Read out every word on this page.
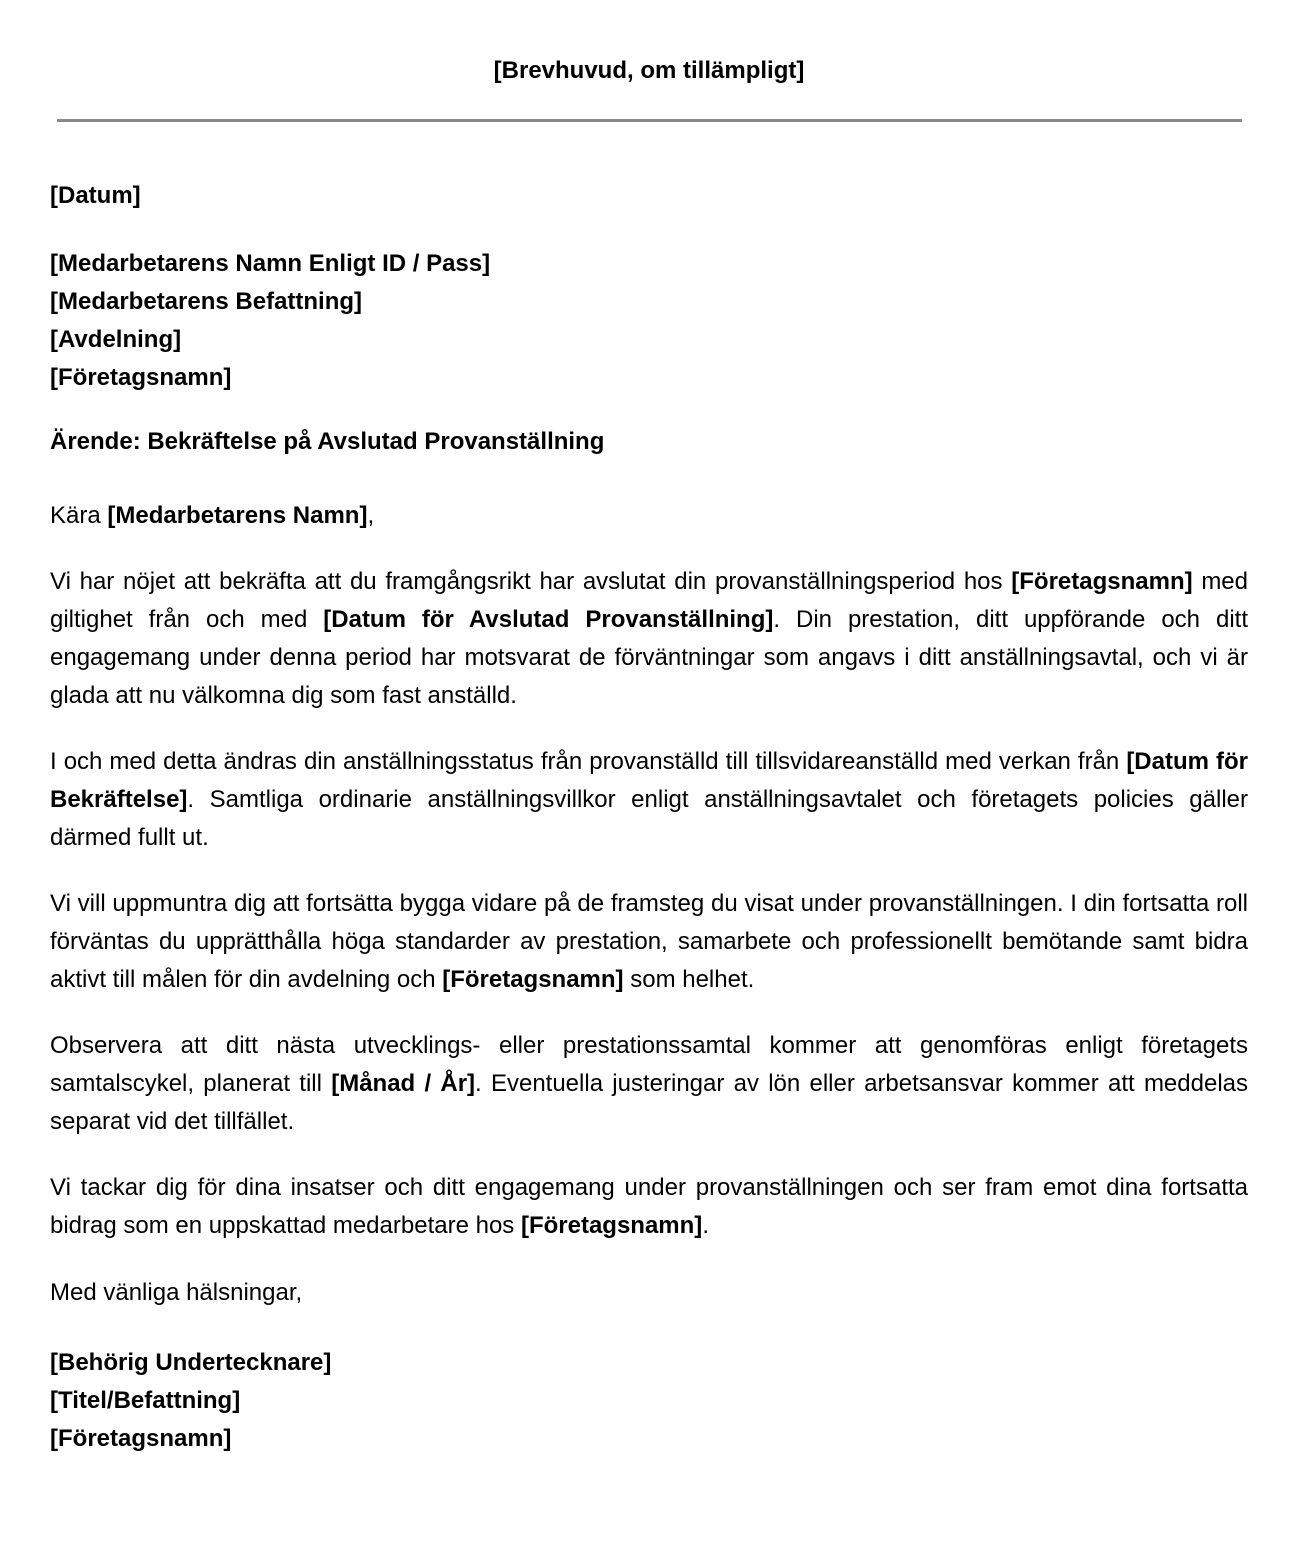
[Brevhuvud, om tillämpligt]
[Datum]
[Medarbetarens Namn Enligt ID / Pass]
[Medarbetarens Befattning]
[Avdelning]
[Företagsnamn]
Ärende: Bekräftelse på Avslutad Provanställning
Kära [Medarbetarens Namn],

Vi har nöjet att bekräfta att du framgångsrikt har avslutat din provanställningsperiod hos [Företagsnamn] med giltighet från och med [Datum för Avslutad Provanställning]. Din prestation, ditt uppförande och ditt engagemang under denna period har motsvarat de förväntningar som angavs i ditt anställningsavtal, och vi är glada att nu välkomna dig som fast anställd.

I och med detta ändras din anställningsstatus från provanställd till tillsvidareanställd med verkan från [Datum för Bekräftelse]. Samtliga ordinarie anställningsvillkor enligt anställningsavtalet och företagets policies gäller därmed fullt ut.

Vi vill uppmuntra dig att fortsätta bygga vidare på de framsteg du visat under provanställningen. I din fortsatta roll förväntas du upprätthålla höga standarder av prestation, samarbete och professionellt bemötande samt bidra aktivt till målen för din avdelning och [Företagsnamn] som helhet.

Observera att ditt nästa utvecklings- eller prestationssamtal kommer att genomföras enligt företagets samtalscykel, planerat till [Månad / År]. Eventuella justeringar av lön eller arbetsansvar kommer att meddelas separat vid det tillfället.

Vi tackar dig för dina insatser och ditt engagemang under provanställningen och ser fram emot dina fortsatta bidrag som en uppskattad medarbetare hos [Företagsnamn].

Med vänliga hälsningar,
[Behörig Undertecknare]
[Titel/Befattning]
[Företagsnamn]
